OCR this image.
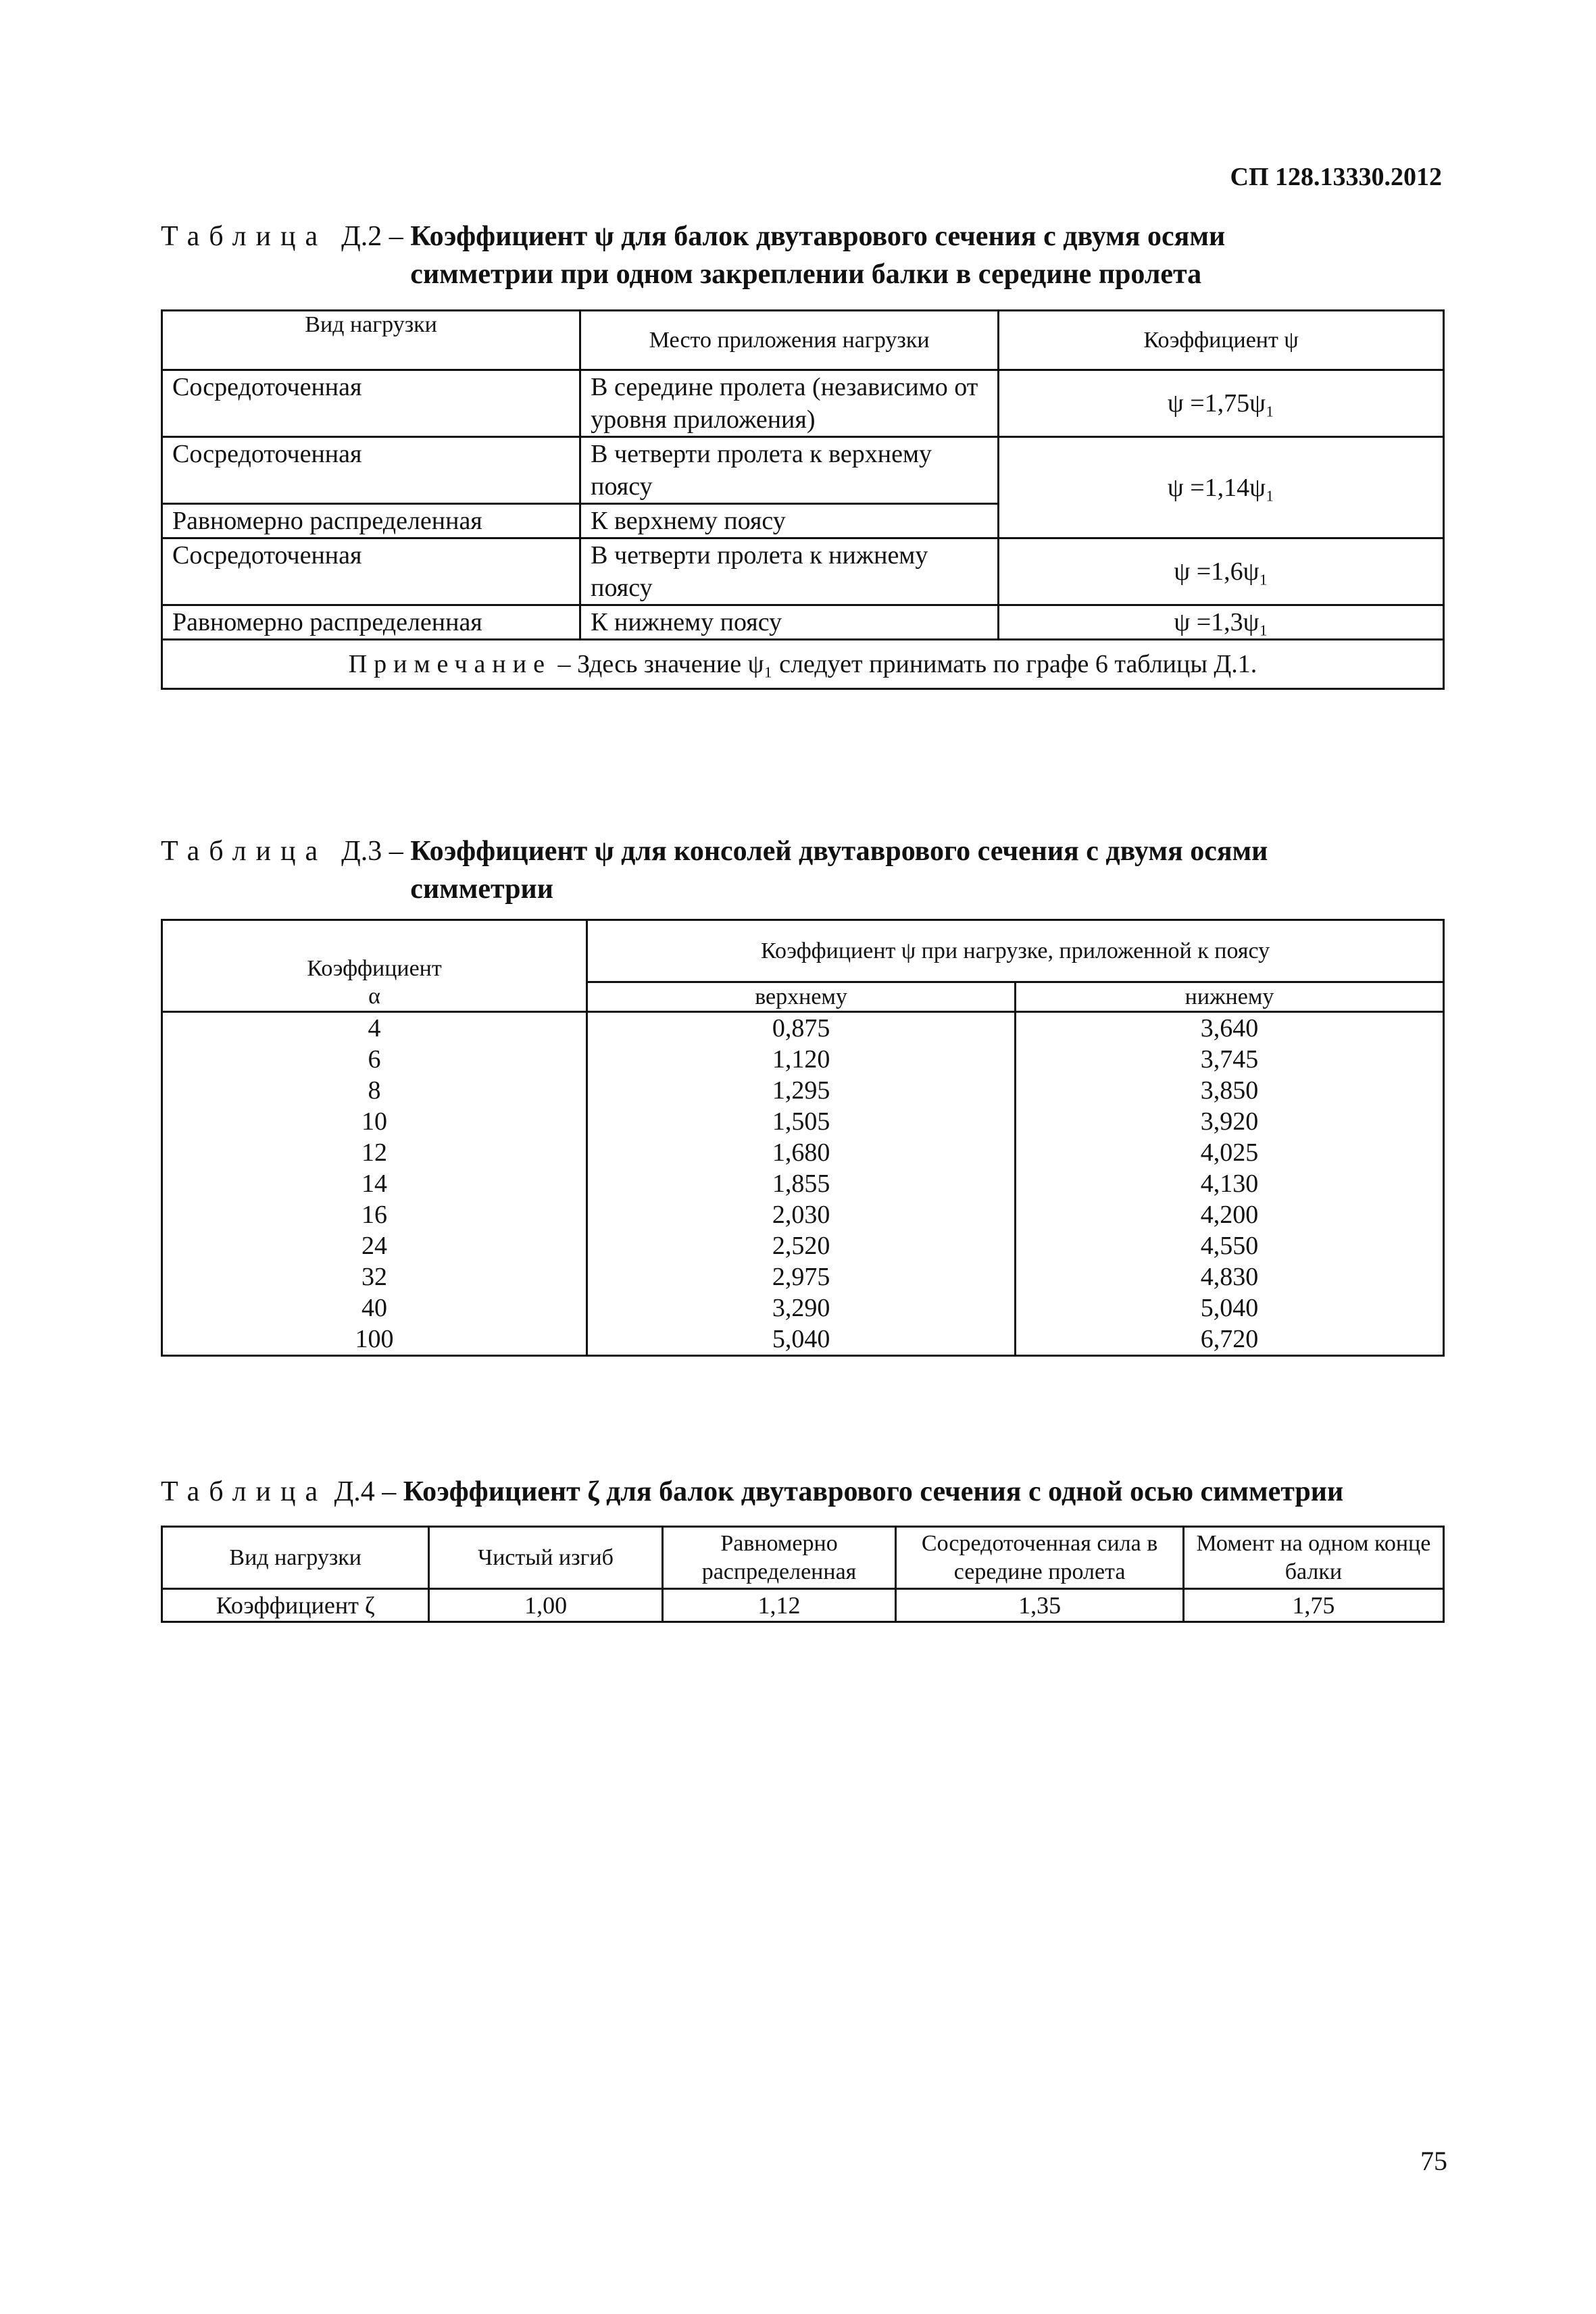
СП 128.13330.2012
Таблица Д.2 – Коэффициент ψ для балок двутаврового сечения с двумя осями
симметрии при одном закреплении балки в середине пролета
Вид нагрузки	Место приложения нагрузки	Коэффициент ψ
Сосредоточенная	В середине пролета (независимо от уровня приложения)	ψ =1,75ψ₁
Сосредоточенная	В четверти пролета к верхнему поясу	ψ =1,14ψ₁
Равномерно распределенная	К верхнему поясу	
Сосредоточенная	В четверти пролета к нижнему поясу	ψ =1,6ψ₁
Равномерно распределенная	К нижнему поясу	ψ =1,3ψ₁
Примечание – Здесь значение ψ₁ следует принимать по графе 6 таблицы Д.1.		
Таблица Д.3 – Коэффициент ψ для консолей двутаврового сечения с двумя осями
симметрии
Коэффициент	Коэффициент ψ при нагрузке, приложенной к поясу	

α	верхнему	нижнему
4	0,875	3,640
6	1,120	3,745
8	1,295	3,850
10	1,505	3,920
12	1,680	4,025
14	1,855	4,130
16	2,030	4,200
24	2,520	4,550
32	2,975	4,830
40	3,290	5,040
100	5,040	6,720
Таблица Д.4 – Коэффициент ζ для балок двутаврового сечения с одной осью симметрии
Вид нагрузки	Чистый изгиб	Равномерно распределенная	Сосредоточенная сила в середине пролета	Момент на одном конце балки
Коэффициент ζ	1,00	1,12	1,35	1,75
75
